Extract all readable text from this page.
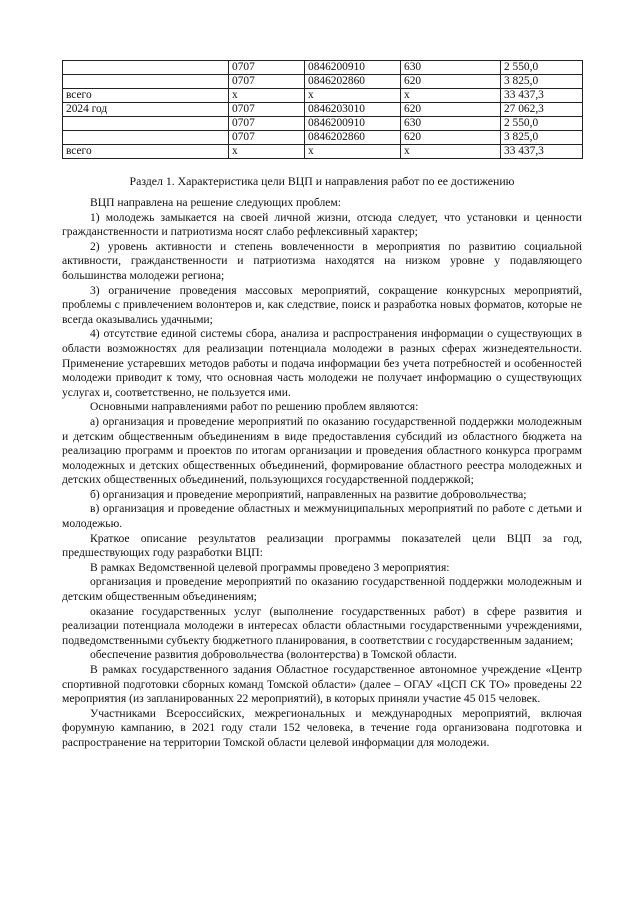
	0707	0846200910	630	2 550,0
	0707	0846202860	620	3 825,0
всего	х	х	х	33 437,3
2024 год	0707	0846203010	620	27 062,3
	0707	0846200910	630	2 550,0
	0707	0846202860	620	3 825,0
всего	х	х	х	33 437,3
Раздел 1. Характеристика цели ВЦП и направления работ по ее достижению

ВЦП направлена на решение следующих проблем:

1) молодежь замыкается на своей личной жизни, отсюда следует, что установки и ценности гражданственности и патриотизма носят слабо рефлексивный характер;

2) уровень активности и степень вовлеченности в мероприятия по развитию социальной активности, гражданственности и патриотизма находятся на низком уровне у подавляющего большинства молодежи региона;

3) ограничение проведения массовых мероприятий, сокращение конкурсных мероприятий, проблемы с привлечением волонтеров и, как следствие, поиск и разработка новых форматов, которые не всегда оказывались удачными;

4) отсутствие единой системы сбора, анализа и распространения информации о существующих в области возможностях для реализации потенциала молодежи в разных сферах жизнедеятельности. Применение устаревших методов работы и подача информации без учета потребностей и особенностей молодежи приводит к тому, что основная часть молодежи не получает информацию о существующих услугах и, соответственно, не пользуется ими.

Основными направлениями работ по решению проблем являются:

а) организация и проведение мероприятий по оказанию государственной поддержки молодежным и детским общественным объединениям в виде предоставления субсидий из областного бюджета на реализацию программ и проектов по итогам организации и проведения областного конкурса программ молодежных и детских общественных объединений, формирование областного реестра молодежных и детских общественных объединений, пользующихся государственной поддержкой;

б) организация и проведение мероприятий, направленных на развитие добровольчества;

в) организация и проведение областных и межмуниципальных мероприятий по работе с детьми и молодежью.

Краткое описание результатов реализации программы показателей цели ВЦП за год, предшествующих году разработки ВЦП:

В рамках Ведомственной целевой программы проведено 3 мероприятия:

организация и проведение мероприятий по оказанию государственной поддержки молодежным и детским общественным объединениям;

оказание государственных услуг (выполнение государственных работ) в сфере развития и реализации потенциала молодежи в интересах области областными государственными учреждениями, подведомственными субъекту бюджетного планирования, в соответствии с государственным заданием;

обеспечение развития добровольчества (волонтерства) в Томской области.

В рамках государственного задания Областное государственное автономное учреждение «Центр спортивной подготовки сборных команд Томской области» (далее – ОГАУ «ЦСП СК ТО» проведены 22 мероприятия (из запланированных 22 мероприятий), в которых приняли участие 45 015 человек.

Участниками Всероссийских, межрегиональных и международных мероприятий, включая форумную кампанию, в 2021 году стали 152 человека, в течение года организована подготовка и распространение на территории Томской области целевой информации для молодежи.
